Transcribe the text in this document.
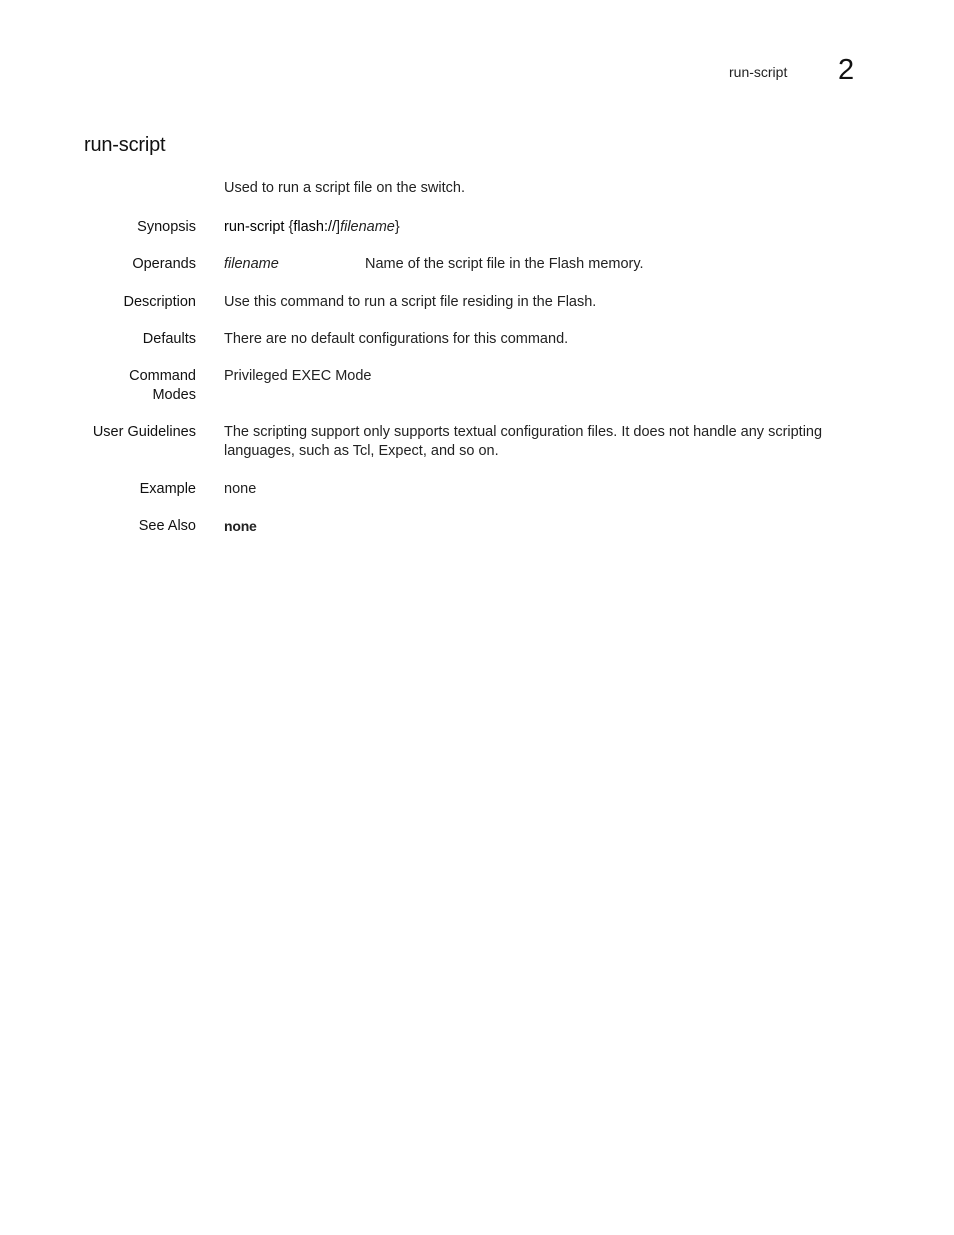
run-script 2
run-script
Used to run a script file on the switch.
Synopsis run-script {flash://]filename}
Operands filename	Name of the script file in the Flash memory.
Description Use this command to run a script file residing in the Flash.
Defaults There are no default configurations for this command.
Command
Modes
Privileged EXEC Mode
User Guidelines The scripting support only supports textual configuration files. It does not handle any scripting
languages, such as Tcl, Expect, and so on.
Example none
See Also none
